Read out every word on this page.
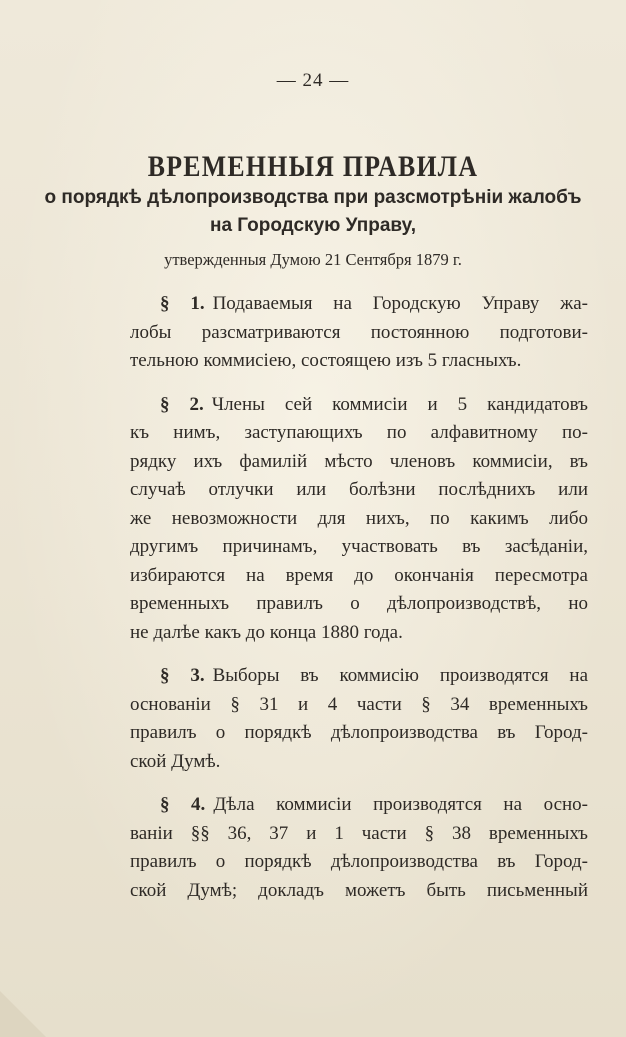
— 24 —
ВРЕМЕННЫЯ ПРАВИЛА
о порядкѣ дѣлопроизводства при разсмотрѣніи жалобъ
на Городскую Управу,
утвержденныя Думою 21 Сентября 1879 г.
§ 1. Подаваемыя на Городскую Управу жа-
лобы разсматриваются постоянною подготови-
тельною коммисіею, состоящею изъ 5 гласныхъ.
§ 2. Члены сей коммисіи и 5 кандидатовъ
къ нимъ, заступающихъ по алфавитному по-
рядку ихъ фамилій мѣсто членовъ коммисіи, въ
случаѣ отлучки или болѣзни послѣднихъ или
же невозможности для нихъ, по какимъ либо
другимъ причинамъ, участвовать въ засѣданіи,
избираются на время до окончанія пересмотра
временныхъ правилъ о дѣлопроизводствѣ, но
не далѣе какъ до конца 1880 года.
§ 3. Выборы въ коммисію производятся на
основаніи § 31 и 4 части § 34 временныхъ
правилъ о порядкѣ дѣлопроизводства въ Город-
ской Думѣ.
§ 4. Дѣла коммисіи производятся на осно-
ваніи §§ 36, 37 и 1 части § 38 временныхъ
правилъ о порядкѣ дѣлопроизводства въ Город-
ской Думѣ; докладъ можетъ быть письменный
